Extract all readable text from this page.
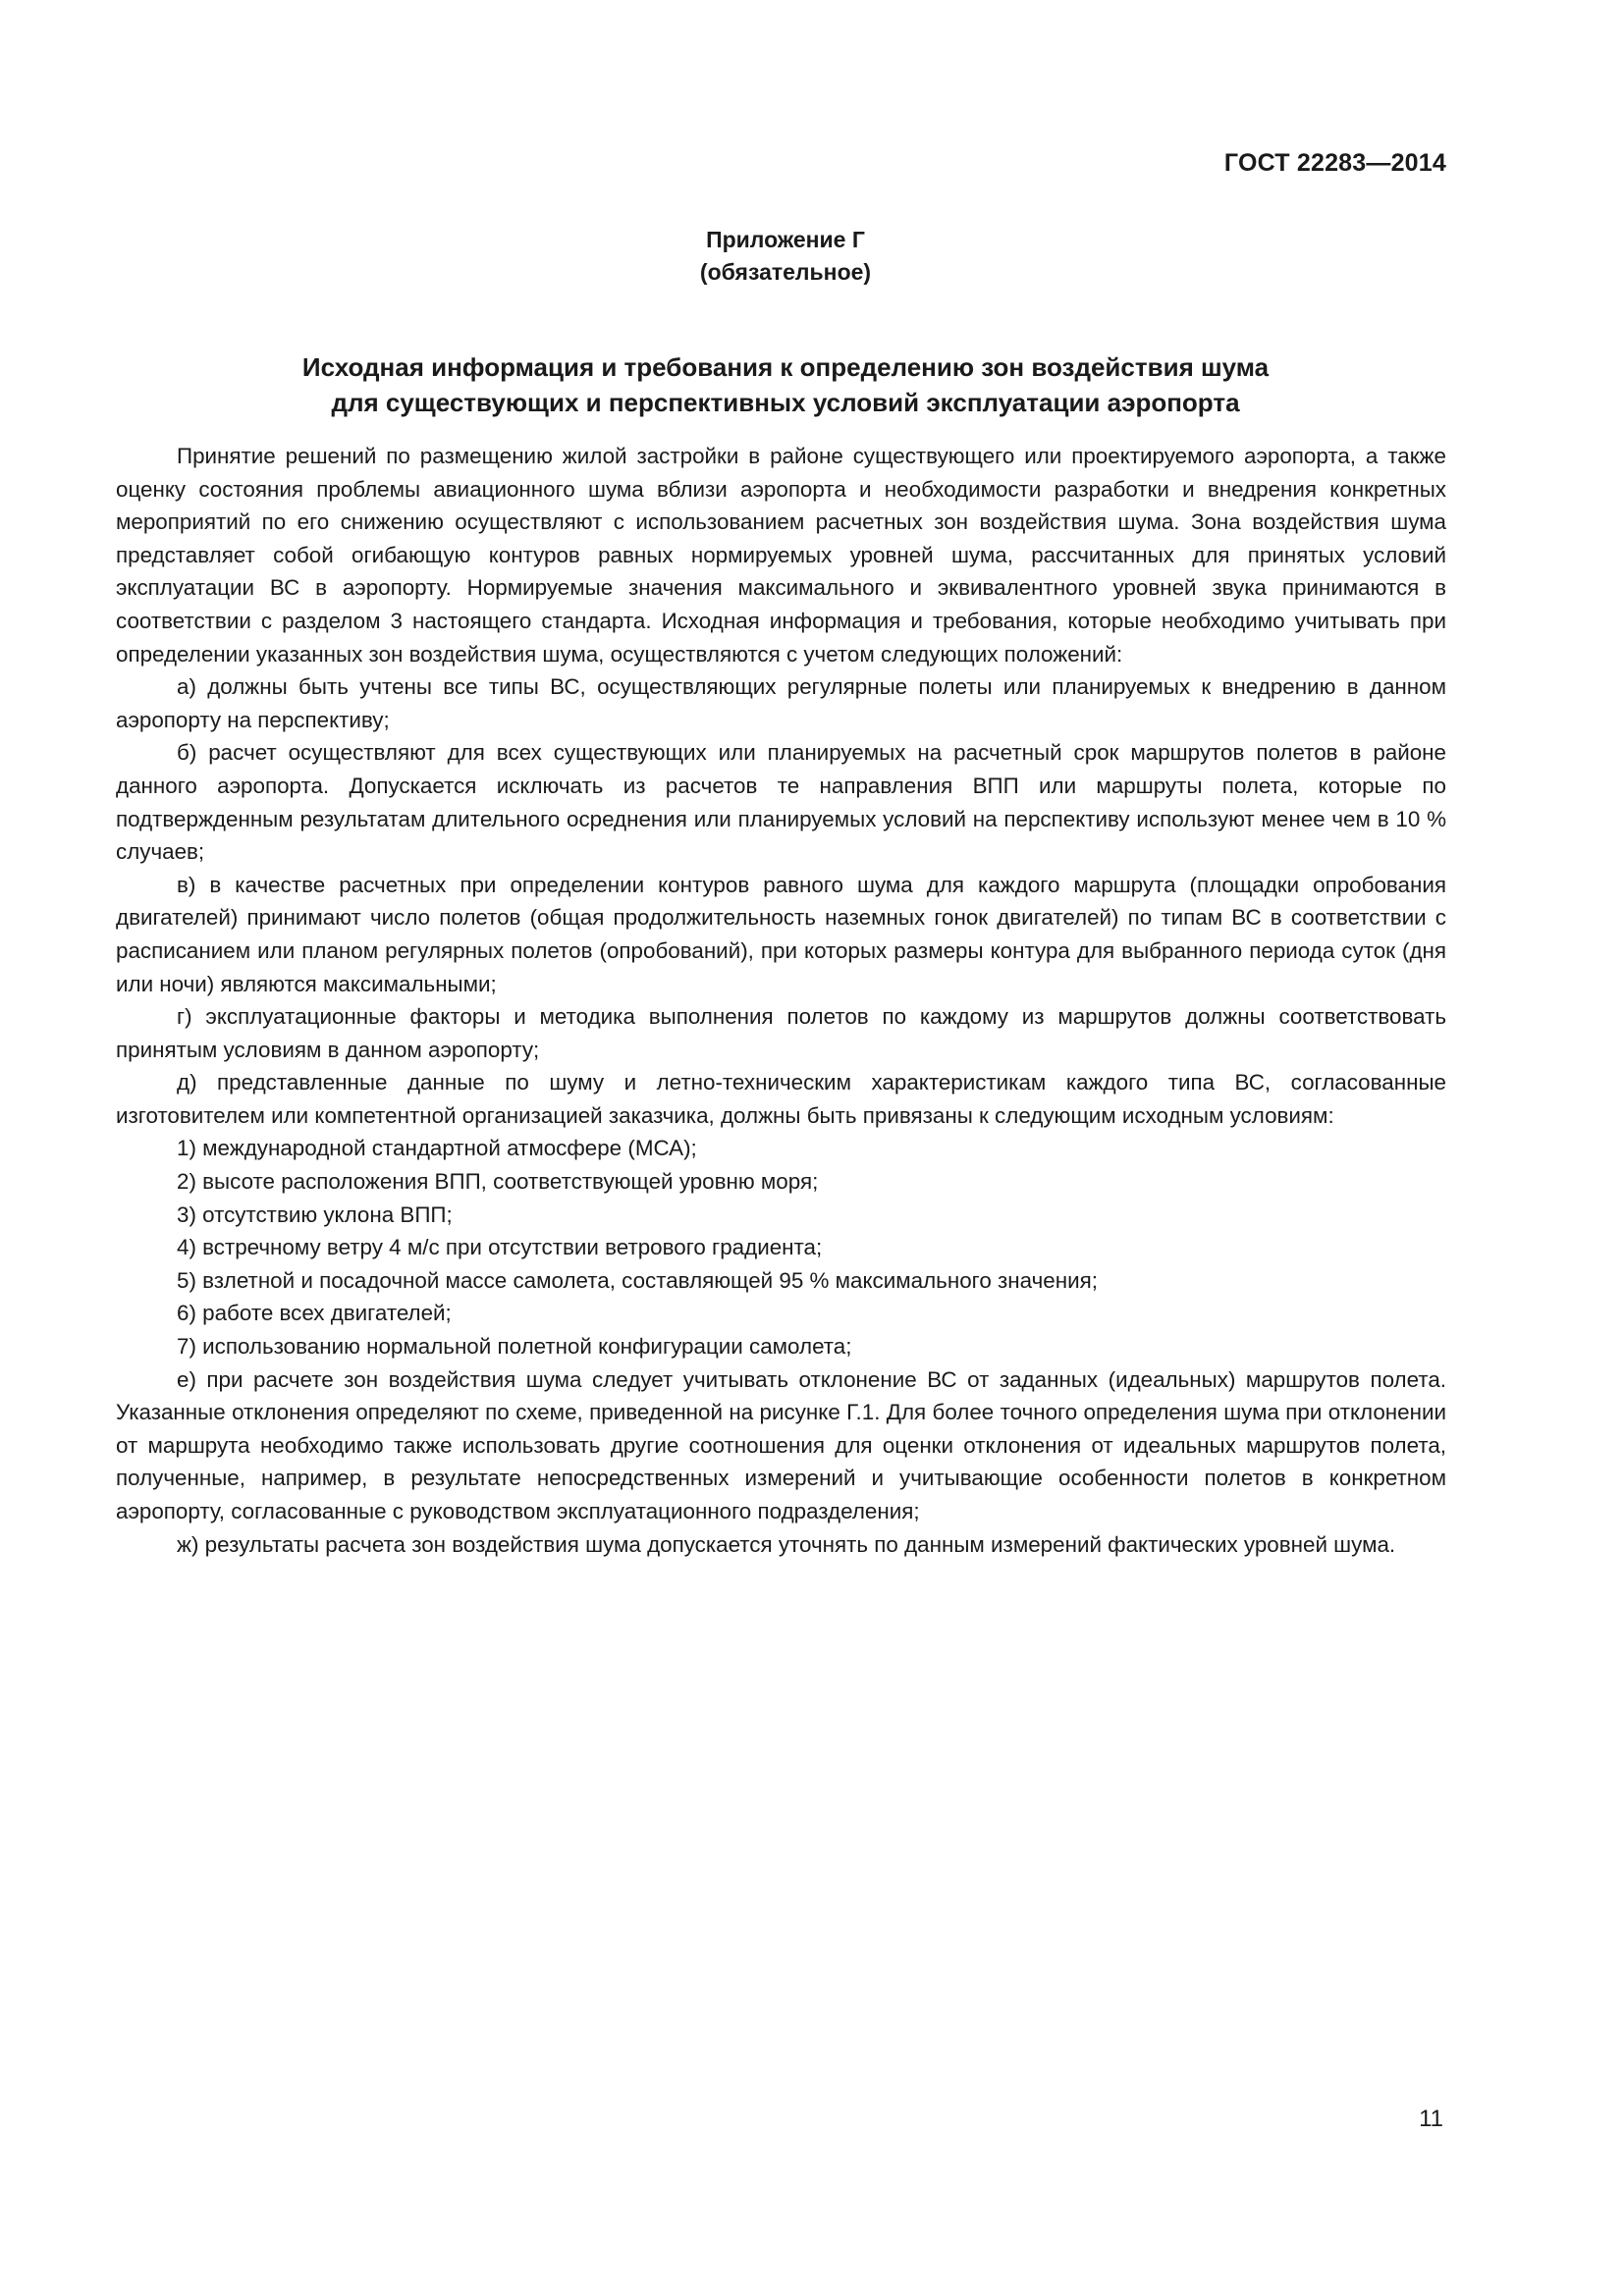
ГОСТ 22283—2014
Приложение Г
(обязательное)
Исходная информация и требования к определению зон воздействия шума
для существующих и перспективных условий эксплуатации аэропорта

Принятие решений по размещению жилой застройки в районе существующего или проектируемого аэропорта, а также оценку состояния проблемы авиационного шума вблизи аэропорта и необходимости разработки и внедрения конкретных мероприятий по его снижению осуществляют с использованием расчетных зон воздействия шума. Зона воздействия шума представляет собой огибающую контуров равных нормируемых уровней шума, рассчитанных для принятых условий эксплуатации ВС в аэропорту. Нормируемые значения максимального и эквивалентного уровней звука принимаются в соответствии с разделом 3 настоящего стандарта. Исходная информация и требования, которые необходимо учитывать при определении указанных зон воздействия шума, осуществляются с учетом следующих положений:

а) должны быть учтены все типы ВС, осуществляющих регулярные полеты или планируемых к внедрению в данном аэропорту на перспективу;

б) расчет осуществляют для всех существующих или планируемых на расчетный срок маршрутов полетов в районе данного аэропорта. Допускается исключать из расчетов те направления ВПП или маршруты полета, которые по подтвержденным результатам длительного осреднения или планируемых условий на перспективу используют менее чем в 10 % случаев;

в) в качестве расчетных при определении контуров равного шума для каждого маршрута (площадки опробования двигателей) принимают число полетов (общая продолжительность наземных гонок двигателей) по типам ВС в соответствии с расписанием или планом регулярных полетов (опробований), при которых размеры контура для выбранного периода суток (дня или ночи) являются максимальными;

г) эксплуатационные факторы и методика выполнения полетов по каждому из маршрутов должны соответствовать принятым условиям в данном аэропорту;

д) представленные данные по шуму и летно-техническим характеристикам каждого типа ВС, согласованные изготовителем или компетентной организацией заказчика, должны быть привязаны к следующим исходным условиям:

1) международной стандартной атмосфере (МСА);

2) высоте расположения ВПП, соответствующей уровню моря;

3) отсутствию уклона ВПП;

4) встречному ветру 4 м/с при отсутствии ветрового градиента;

5) взлетной и посадочной массе самолета, составляющей 95 % максимального значения;

6) работе всех двигателей;

7) использованию нормальной полетной конфигурации самолета;

е) при расчете зон воздействия шума следует учитывать отклонение ВС от заданных (идеальных) маршрутов полета. Указанные отклонения определяют по схеме, приведенной на рисунке Г.1. Для более точного определения шума при отклонении от маршрута необходимо также использовать другие соотношения для оценки отклонения от идеальных маршрутов полета, полученные, например, в результате непосредственных измерений и учитывающие особенности полетов в конкретном аэропорту, согласованные с руководством эксплуатационного подразделения;

ж) результаты расчета зон воздействия шума допускается уточнять по данным измерений фактических уровней шума.

11
